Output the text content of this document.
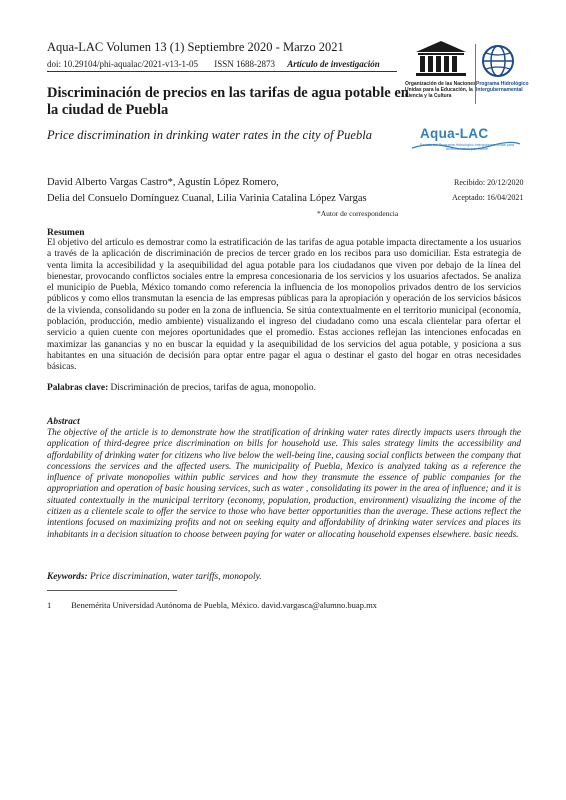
Aqua-LAC Volumen 13 (1) Septiembre 2020 - Marzo 2021
doi: 10.29104/phi-aqualac/2021-v13-1-05 ISSN 1688-2873 Artículo de investigación
Organización de las Naciones Unidas para la Educación, la Ciencia y la Cultura
Programa Hidrológico Intergubernamental
Aqua-LAC
Revista del Programa Hidrológico Intergubernamental para América Latina y el Caribe
Discriminación de precios en las tarifas de agua potable en la ciudad de Puebla
Price discrimination in drinking water rates in the city of Puebla
David Alberto Vargas Castro*, Agustín López Romero,
Delia del Consuelo Domínguez Cuanal, Lilia Varinia Catalina López Vargas
*Autor de correspondencia
Recibido: 20/12/2020
Aceptado: 16/04/2021
Resumen
El objetivo del artículo es demostrar como la estratificación de las tarifas de agua potable impacta directamente a los usuarios a través de la aplicación de discriminación de precios de tercer grado en los recibos para uso domiciliar. Esta estrategia de venta limita la accesibilidad y la asequibilidad del agua potable para los ciudadanos que viven por debajo de la línea del bienestar, provocando conflictos sociales entre la empresa concesionaria de los servicios y los usuarios afectados. Se analiza el municipio de Puebla, México tomando como referencia la influencia de los monopolios privados dentro de los servicios públicos y como ellos transmutan la esencia de las empresas públicas para la apropiación y operación de los servicios básicos de la vivienda, consolidando su poder en la zona de influencia. Se sitúa contextualmente en el territorio municipal (economía, población, producción, medio ambiente) visualizando el ingreso del ciudadano como una escala clientelar para ofertar el servicio a quien cuente con mejores oportunidades que el promedio. Estas acciones reflejan las intenciones enfocadas en maximizar las ganancias y no en buscar la equidad y la asequibilidad de los servicios del agua potable, y posiciona a sus habitantes en una situación de decisión para optar entre pagar el agua o destinar el gasto del hogar en otras necesidades básicas.
Palabras clave: Discriminación de precios, tarifas de agua, monopolio.
Abstract
The objective of the article is to demonstrate how the stratification of drinking water rates directly impacts users through the application of third-degree price discrimination on bills for household use. This sales strategy limits the accessibility and affordability of drinking water for citizens who live below the well-being line, causing social conflicts between the company that concessions the services and the affected users. The municipality of Puebla, Mexico is analyzed taking as a reference the influence of private monopolies within public services and how they transmute the essence of public companies for the appropriation and operation of basic housing services, such as water , consolidating its power in the area of influence; and it is situated contextually in the municipal territory (economy, population, production, environment) visualizing the income of the citizen as a clientele scale to offer the service to those who have better opportunities than the average. These actions reflect the intentions focused on maximizing profits and not on seeking equity and affordability of drinking water services and places its inhabitants in a decision situation to choose between paying for water or allocating household expenses elsewhere. basic needs.
Keywords: Price discrimination, water tariffs, monopoly.
1 Benemérita Universidad Autónoma de Puebla, México. david.vargasca@alumno.buap.mx
